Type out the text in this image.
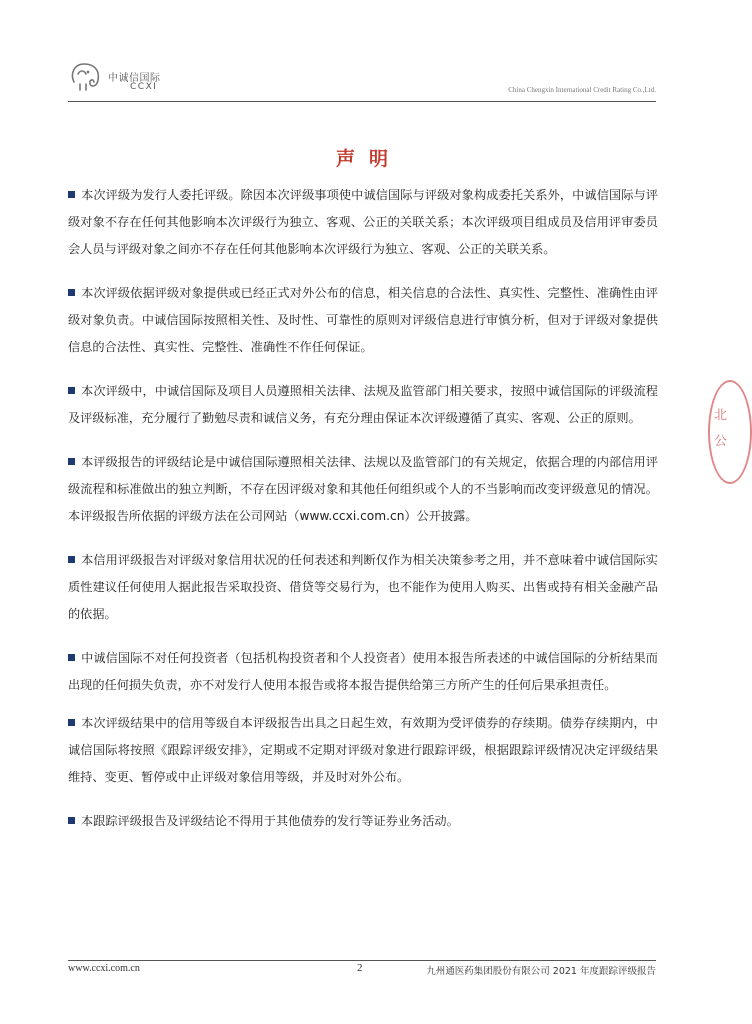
中诚信国际
CCXI	China Chengxin International Credit Rating Co.,Ltd.
声明

本次评级为发行人委托评级。除因本次评级事项使中诚信国际与评级对象构成委托关系外，中诚信国际与评级对象不存在任何其他影响本次评级行为独立、客观、公正的关联关系；本次评级项目组成员及信用评审委员会人员与评级对象之间亦不存在任何其他影响本次评级行为独立、客观、公正的关联关系。

本次评级依据评级对象提供或已经正式对外公布的信息，相关信息的合法性、真实性、完整性、准确性由评级对象负责。中诚信国际按照相关性、及时性、可靠性的原则对评级信息进行审慎分析，但对于评级对象提供信息的合法性、真实性、完整性、准确性不作任何保证。

本次评级中，中诚信国际及项目人员遵照相关法律、法规及监管部门相关要求，按照中诚信国际的评级流程及评级标准，充分履行了勤勉尽责和诚信义务，有充分理由保证本次评级遵循了真实、客观、公正的原则。

本评级报告的评级结论是中诚信国际遵照相关法律、法规以及监管部门的有关规定，依据合理的内部信用评级流程和标准做出的独立判断，不存在因评级对象和其他任何组织或个人的不当影响而改变评级意见的情况。本评级报告所依据的评级方法在公司网站（www.ccxi.com.cn）公开披露。

本信用评级报告对评级对象信用状况的任何表述和判断仅作为相关决策参考之用，并不意味着中诚信国际实质性建议任何使用人据此报告采取投资、借贷等交易行为，也不能作为使用人购买、出售或持有相关金融产品的依据。

中诚信国际不对任何投资者（包括机构投资者和个人投资者）使用本报告所表述的中诚信国际的分析结果而出现的任何损失负责，亦不对发行人使用本报告或将本报告提供给第三方所产生的任何后果承担责任。

本次评级结果中的信用等级自本评级报告出具之日起生效，有效期为受评债券的存续期。债券存续期内，中诚信国际将按照《跟踪评级安排》，定期或不定期对评级对象进行跟踪评级，根据跟踪评级情况决定评级结果维持、变更、暂停或中止评级对象信用等级，并及时对外公布。

本跟踪评级报告及评级结论不得用于其他债券的发行等证券业务活动。

北
公
www.ccxi.com.cn	2	九州通医药集团股份有限公司 2021 年度跟踪评级报告
